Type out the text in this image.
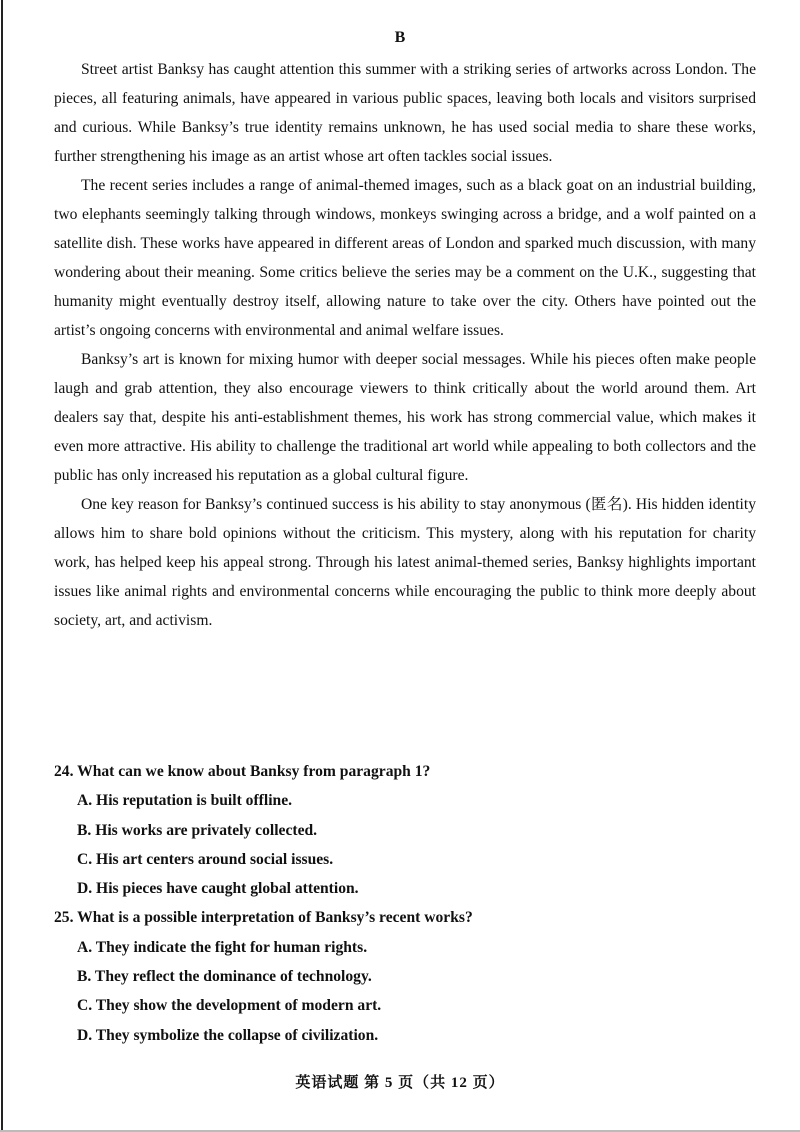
B

Street artist Banksy has caught attention this summer with a striking series of artworks across London. The pieces, all featuring animals, have appeared in various public spaces, leaving both locals and visitors surprised and curious. While Banksy’s true identity remains unknown, he has used social media to share these works, further strengthening his image as an artist whose art often tackles social issues.

The recent series includes a range of animal-themed images, such as a black goat on an industrial building, two elephants seemingly talking through windows, monkeys swinging across a bridge, and a wolf painted on a satellite dish. These works have appeared in different areas of London and sparked much discussion, with many wondering about their meaning. Some critics believe the series may be a comment on the U.K., suggesting that humanity might eventually destroy itself, allowing nature to take over the city. Others have pointed out the artist’s ongoing concerns with environmental and animal welfare issues.

Banksy’s art is known for mixing humor with deeper social messages. While his pieces often make people laugh and grab attention, they also encourage viewers to think critically about the world around them. Art dealers say that, despite his anti-establishment themes, his work has strong commercial value, which makes it even more attractive. His ability to challenge the traditional art world while appealing to both collectors and the public has only increased his reputation as a global cultural figure.

One key reason for Banksy’s continued success is his ability to stay anonymous (匿名). His hidden identity allows him to share bold opinions without the criticism. This mystery, along with his reputation for charity work, has helped keep his appeal strong. Through his latest animal-themed series, Banksy highlights important issues like animal rights and environmental concerns while encouraging the public to think more deeply about society, art, and activism.

24. What can we know about Banksy from paragraph 1?

A. His reputation is built offline.
B. His works are privately collected.
C. His art centers around social issues.
D. His pieces have caught global attention.

25. What is a possible interpretation of Banksy’s recent works?

A. They indicate the fight for human rights.
B. They reflect the dominance of technology.
C. They show the development of modern art.
D. They symbolize the collapse of civilization.
英语试题 第 5 页（共 12 页）
